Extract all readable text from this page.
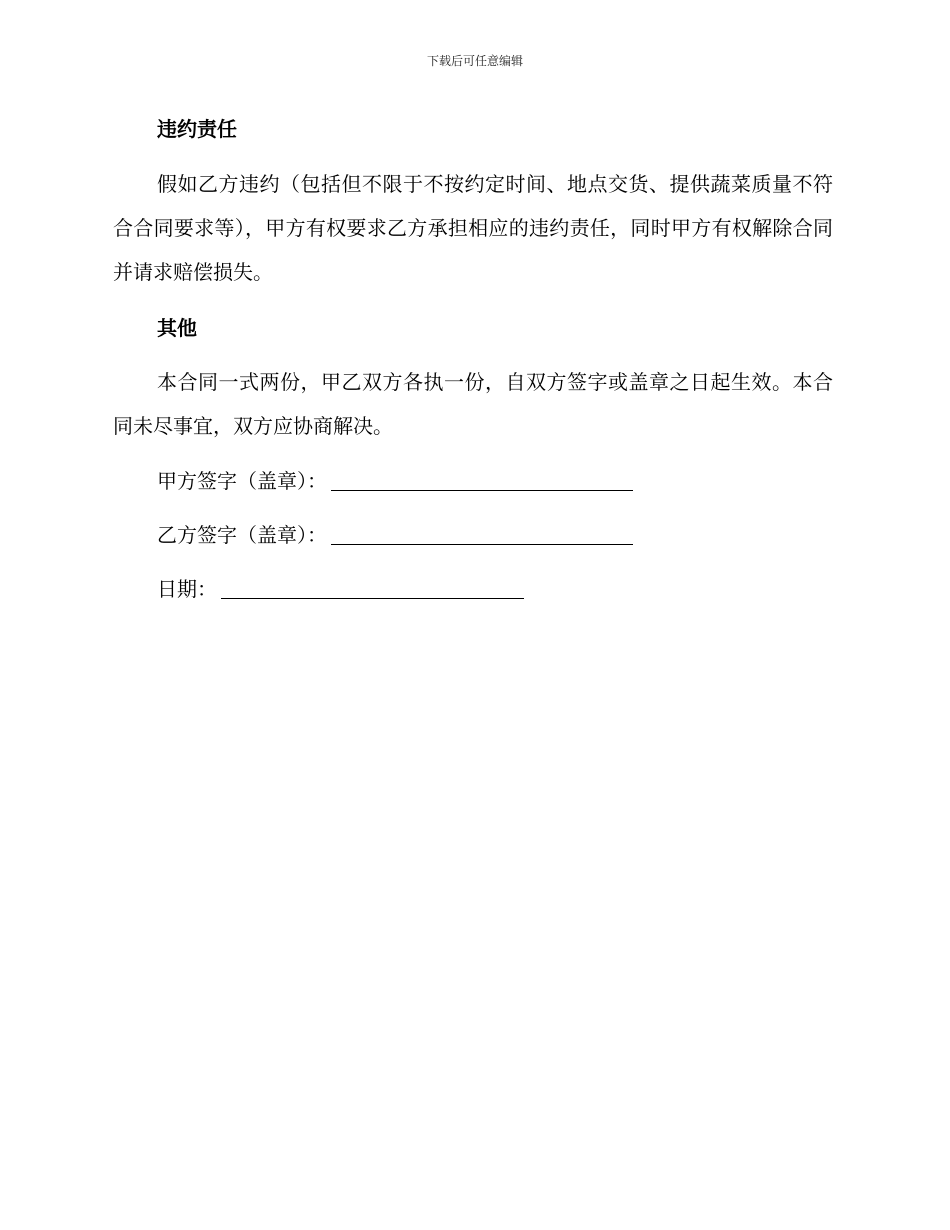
下载后可任意编辑
违约责任

假如乙方违约（包括但不限于不按约定时间、地点交货、提供蔬菜质量不符合合同要求等），甲方有权要求乙方承担相应的违约责任，同时甲方有权解除合同并请求赔偿损失。

其他

本合同一式两份，甲乙双方各执一份，自双方签字或盖章之日起生效。本合同未尽事宜，双方应协商解决。

甲方签字（盖章）：
乙方签字（盖章）：
日期：
